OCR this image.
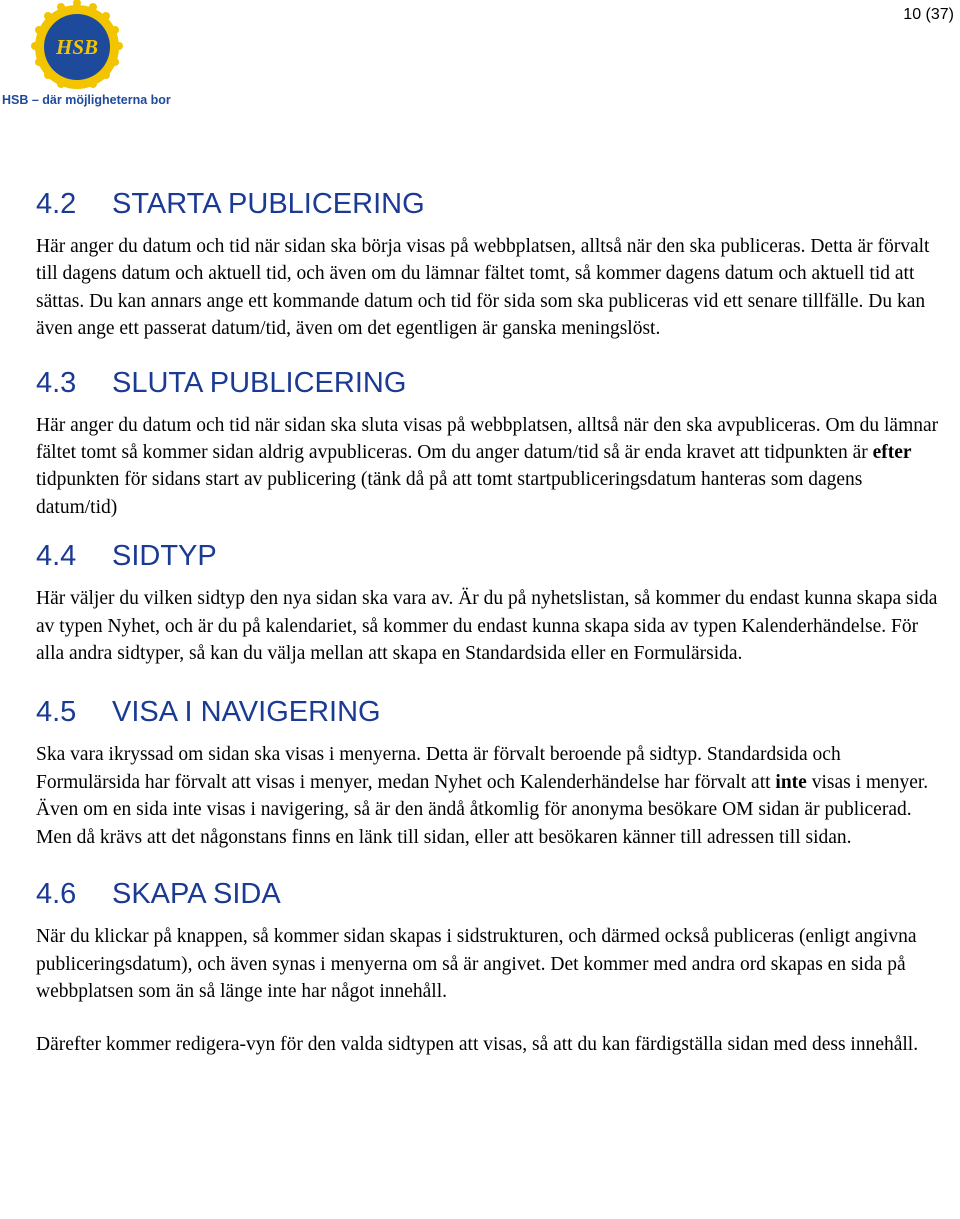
10 (37)
HSB
HSB – där möjligheterna bor
4.2	STARTA PUBLICERING

Här anger du datum och tid när sidan ska börja visas på webbplatsen, alltså när den ska publiceras. Detta är förvalt till dagens datum och aktuell tid, och även om du lämnar fältet tomt, så kommer dagens datum och aktuell tid att sättas. Du kan annars ange ett kommande datum och tid för sida som ska publiceras vid ett senare tillfälle. Du kan även ange ett passerat datum/tid, även om det egentligen är ganska meningslöst.

4.3	SLUTA PUBLICERING

Här anger du datum och tid när sidan ska sluta visas på webbplatsen, alltså när den ska avpubliceras. Om du lämnar fältet tomt så kommer sidan aldrig avpubliceras. Om du anger datum/tid så är enda kravet att tidpunkten är efter tidpunkten för sidans start av publicering (tänk då på att tomt startpubliceringsdatum hanteras som dagens datum/tid)

4.4	SIDTYP

Här väljer du vilken sidtyp den nya sidan ska vara av. Är du på nyhetslistan, så kommer du endast kunna skapa sida av typen Nyhet, och är du på kalendariet, så kommer du endast kunna skapa sida av typen Kalenderhändelse. För alla andra sidtyper, så kan du välja mellan att skapa en Standardsida eller en Formulärsida.

4.5	VISA I NAVIGERING

Ska vara ikryssad om sidan ska visas i menyerna. Detta är förvalt beroende på sidtyp. Standardsida och Formulärsida har förvalt att visas i menyer, medan Nyhet och Kalenderhändelse har förvalt att inte visas i menyer.

Även om en sida inte visas i navigering, så är den ändå åtkomlig för anonyma besökare OM sidan är publicerad. Men då krävs att det någonstans finns en länk till sidan, eller att besökaren känner till adressen till sidan.

4.6	SKAPA SIDA

När du klickar på knappen, så kommer sidan skapas i sidstrukturen, och därmed också publiceras (enligt angivna publiceringsdatum), och även synas i menyerna om så är angivet. Det kommer med andra ord skapas en sida på webbplatsen som än så länge inte har något innehåll.

Därefter kommer redigera-vyn för den valda sidtypen att visas, så att du kan färdigställa sidan med dess innehåll.
